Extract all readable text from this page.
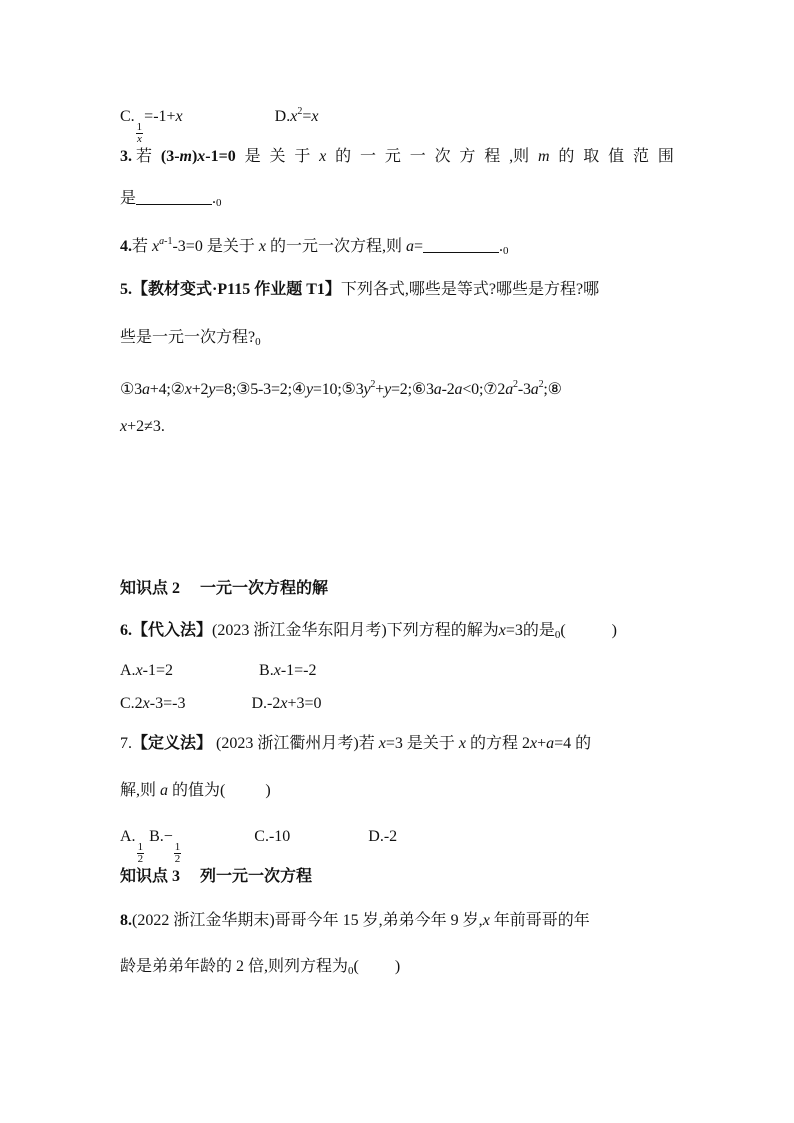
C.
$\frac{1}{x}$
=-1+x	$D.x^2=x$
3. 若 (3-m)x-1=0 是 关 于 x 的 一 元 一 次 方 程 ,则 m 的 取 值 范 围
是	.0
4.若 $x^{a-1}-3=0$ 是关于 x 的一元一次方程,则 a=	.0
5.【教材变式·P115 作业题 T1】下列各式,哪些是等式?哪些是方程?哪
些是一元一次方程?0
$①3a+4;②x+2y=8;③5-3=2;④y=10;⑤3y^2+y=2;⑥3a-2a<0;⑦2a^2-3a^2;⑧$
x+2≠3.
知识点 2 一元一次方程的解
6.【代入法】(2023 浙江金华东阳月考)下列方程的解为x=3的是0(	)
A.x-1=2	B.x-1=-2
C.2x-3=-3	D.-2x+3=0
7.【定义法】 (2023 浙江衢州月考)若 x=3 是关于 x 的方程 2x+a=4 的
解,则 a 的值为(	)
A.
$\frac{1}{2}$
B.−
$\frac{1}{2}$
C.-10	D.-2
知识点 3 列一元一次方程
8.(2022 浙江金华期末)哥哥今年 15 岁,弟弟今年 9 岁,x 年前哥哥的年
龄是弟弟年龄的 2 倍,则列方程为0( )
